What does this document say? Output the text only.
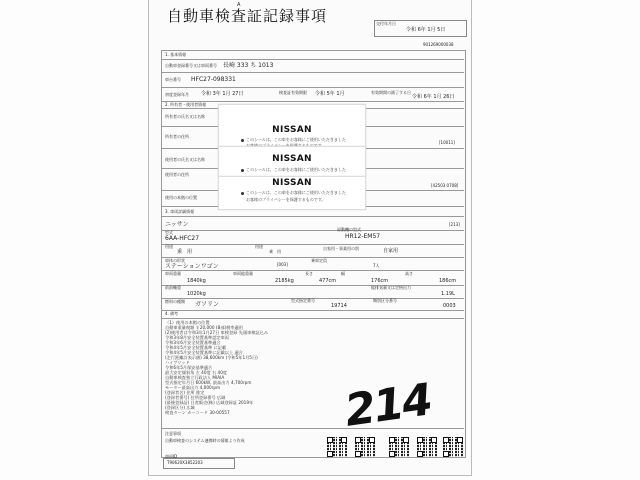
A
自動車検査証記録事項	交付年月日
令和 6年 1月 5日
901269000038
1. 基本情報
自動車登録番号又は車両番号 長崎 333 ち 1013
車台番号 HFC27-098331
初度登録年月 令和 3年 1月 27日	検査証有効期限 令和 5年 1月	有効期間の満了する日
令和 6年 1月 26日
2. 所有者・使用者情報
所有者の氏名又は名称
所有者の住所
[10011]
使用者の氏名又は名称
使用者の住所
[42503 0708]
使用の本拠の位置
3. 車両詳細情報
ニッサン	[213]
型式
6AA-HFC27
原動機の型式
HR12-EM57
用途
乗　用
用途
乗　用
自家用・事業用の別	自家用
車体の形状
ステーションワゴン	[003]
乗車定員
7人
車両重量
1840kg
車両総重量
2185kg
長さ
477cm
幅
176cm
高さ
186cm
前前軸重
1020kg
総排気量又は定格出力
1.19L
燃料の種類 ガソリン
型式指定番号
19714
類別区分番号
0003
4. 備考
（1）使用の本拠の位置
自動車重量税額 ￥20,000 (B部)税率適用
(2)使用者は令和3年1月27日 車検登録 先頭車検証込み
令和3年8月安全装置基準認定車両
令和3年6月安全装置基準適合
令和4年5月安全装置基準 に記載
令和4年5月安全装置基準に記載以上 適合
(走行距離計表示値) 38,600km (令和5年1月5日)
ハイブリッド
令和6年5月保安基準適合
最大安定傾斜角 左 40度 右 40度
自動車検査独立行政法人 MIAIA
型式指定年月日 600kW, 最高出力 4,700rpm
モーター最高出力 4,000rpm
(登録者名) 住所 推定
(登録者番号) 住所登録番号 広域
(最後登録証) 日産販売(株) 広域登録証 2019年
(登録区分) 広域
検査ターン カーコード 30-00557
注意事項
自動車検査のシステム連携時の情報より作成
車両ID
T90620X3852203
NISSAN
このシールは、この車をお客様にご使用いただきました
NISSAN
このシールは、この車をお客様にご使用いただきました
NISSAN
このシールは、この車をお客様にご使用いただきました
お客様のプライバシーを保護するものです。
214
